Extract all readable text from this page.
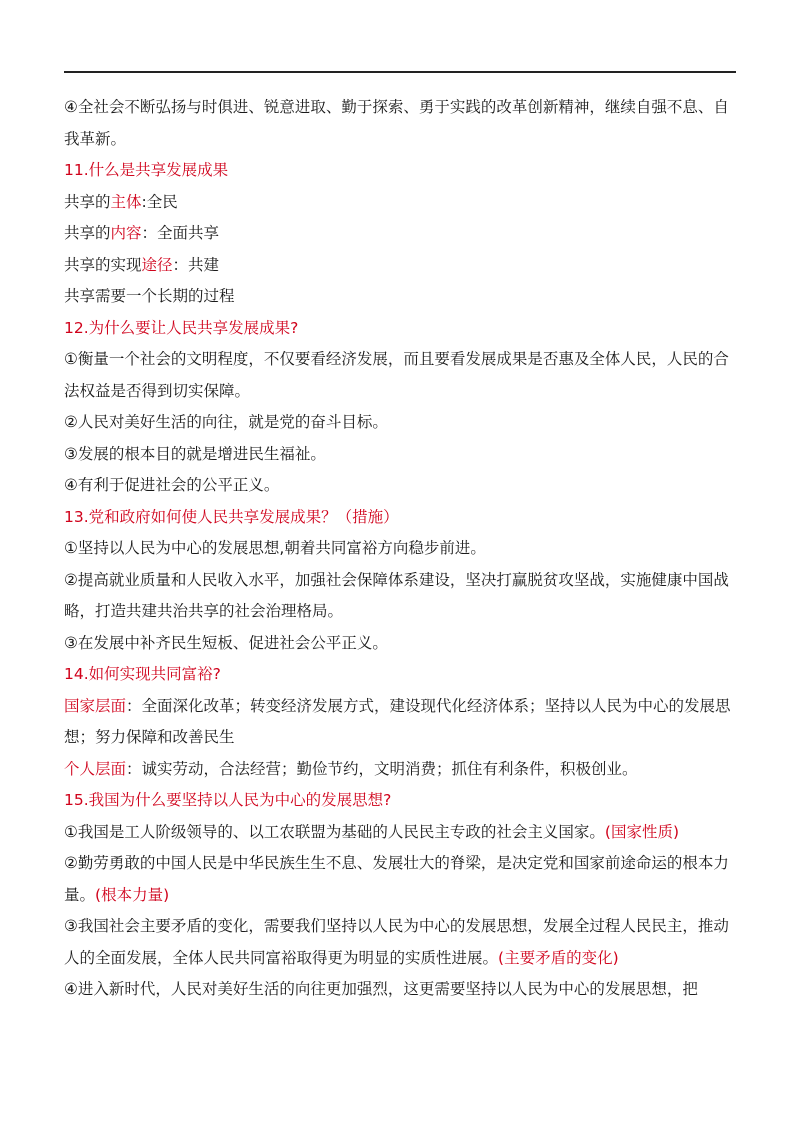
④全社会不断弘扬与时俱进、锐意进取、勤于探索、勇于实践的改革创新精神，继续自强不息、自我革新。

11.什么是共享发展成果

共享的主体:全民

共享的内容：全面共享

共享的实现途径：共建

共享需要一个长期的过程

12.为什么要让人民共享发展成果?

①衡量一个社会的文明程度，不仅要看经济发展，而且要看发展成果是否惠及全体人民，人民的合法权益是否得到切实保障。

②人民对美好生活的向往，就是党的奋斗目标。

③发展的根本目的就是增进民生福祉。

④有利于促进社会的公平正义。

13.党和政府如何使人民共享发展成果？（措施）

①坚持以人民为中心的发展思想,朝着共同富裕方向稳步前进。

②提高就业质量和人民收入水平，加强社会保障体系建设，坚决打赢脱贫攻坚战，实施健康中国战略，打造共建共治共享的社会治理格局。

③在发展中补齐民生短板、促进社会公平正义。

14.如何实现共同富裕?

国家层面：全面深化改革；转变经济发展方式，建设现代化经济体系；坚持以人民为中心的发展思想；努力保障和改善民生

个人层面：诚实劳动，合法经营；勤俭节约，文明消费；抓住有利条件，积极创业。

15.我国为什么要坚持以人民为中心的发展思想?

①我国是工人阶级领导的、以工农联盟为基础的人民民主专政的社会主义国家。(国家性质)

②勤劳勇敢的中国人民是中华民族生生不息、发展壮大的脊梁，是决定党和国家前途命运的根本力量。(根本力量)

③我国社会主要矛盾的变化，需要我们坚持以人民为中心的发展思想，发展全过程人民民主，推动人的全面发展，全体人民共同富裕取得更为明显的实质性进展。(主要矛盾的变化)

④进入新时代，人民对美好生活的向往更加强烈，这更需要坚持以人民为中心的发展思想，把
